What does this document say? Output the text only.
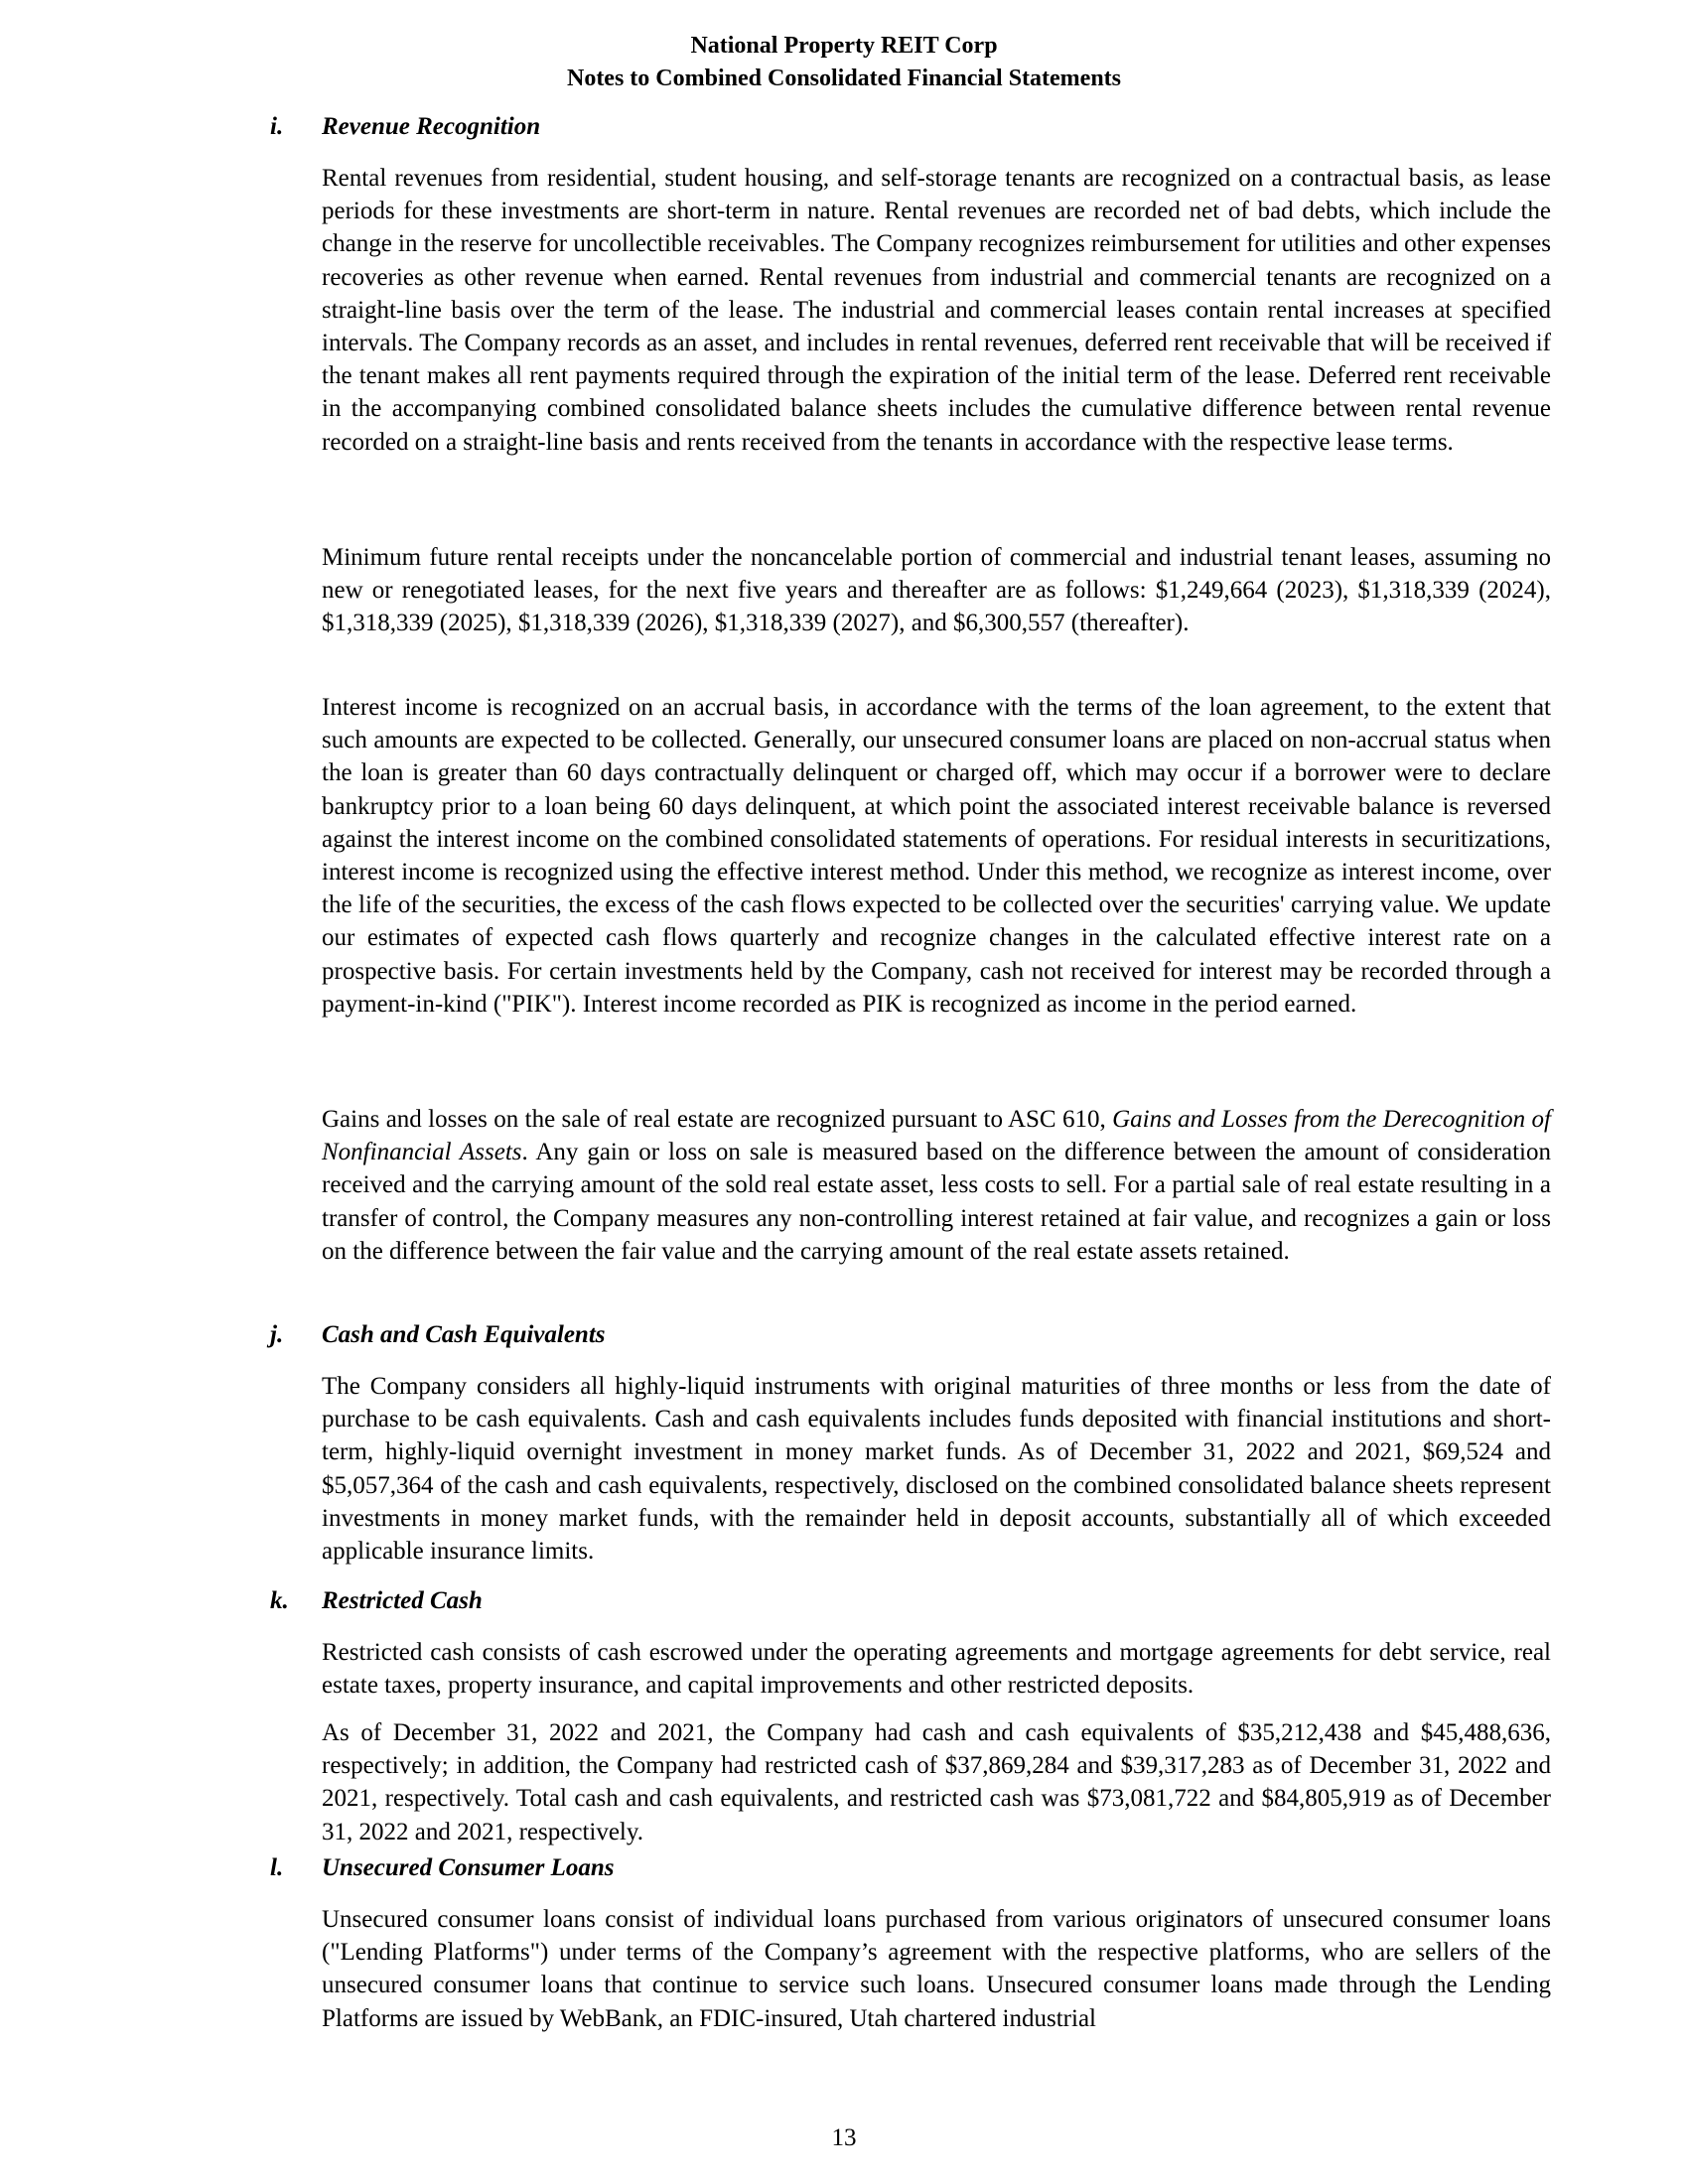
National Property REIT Corp
Notes to Combined Consolidated Financial Statements
i. Revenue Recognition
Rental revenues from residential, student housing, and self-storage tenants are recognized on a contractual basis, as lease periods for these investments are short-term in nature. Rental revenues are recorded net of bad debts, which include the change in the reserve for uncollectible receivables. The Company recognizes reimbursement for utilities and other expenses recoveries as other revenue when earned. Rental revenues from industrial and commercial tenants are recognized on a straight-line basis over the term of the lease. The industrial and commercial leases contain rental increases at specified intervals. The Company records as an asset, and includes in rental revenues, deferred rent receivable that will be received if the tenant makes all rent payments required through the expiration of the initial term of the lease. Deferred rent receivable in the accompanying combined consolidated balance sheets includes the cumulative difference between rental revenue recorded on a straight-line basis and rents received from the tenants in accordance with the respective lease terms.
Minimum future rental receipts under the noncancelable portion of commercial and industrial tenant leases, assuming no new or renegotiated leases, for the next five years and thereafter are as follows: $1,249,664 (2023), $1,318,339 (2024), $1,318,339 (2025), $1,318,339 (2026), $1,318,339 (2027), and $6,300,557 (thereafter).
Interest income is recognized on an accrual basis, in accordance with the terms of the loan agreement, to the extent that such amounts are expected to be collected. Generally, our unsecured consumer loans are placed on non-accrual status when the loan is greater than 60 days contractually delinquent or charged off, which may occur if a borrower were to declare bankruptcy prior to a loan being 60 days delinquent, at which point the associated interest receivable balance is reversed against the interest income on the combined consolidated statements of operations. For residual interests in securitizations, interest income is recognized using the effective interest method. Under this method, we recognize as interest income, over the life of the securities, the excess of the cash flows expected to be collected over the securities' carrying value. We update our estimates of expected cash flows quarterly and recognize changes in the calculated effective interest rate on a prospective basis. For certain investments held by the Company, cash not received for interest may be recorded through a payment-in-kind ("PIK"). Interest income recorded as PIK is recognized as income in the period earned.
Gains and losses on the sale of real estate are recognized pursuant to ASC 610, Gains and Losses from the Derecognition of Nonfinancial Assets. Any gain or loss on sale is measured based on the difference between the amount of consideration received and the carrying amount of the sold real estate asset, less costs to sell. For a partial sale of real estate resulting in a transfer of control, the Company measures any non-controlling interest retained at fair value, and recognizes a gain or loss on the difference between the fair value and the carrying amount of the real estate assets retained.
j. Cash and Cash Equivalents
The Company considers all highly-liquid instruments with original maturities of three months or less from the date of purchase to be cash equivalents. Cash and cash equivalents includes funds deposited with financial institutions and short-term, highly-liquid overnight investment in money market funds. As of December 31, 2022 and 2021, $69,524 and $5,057,364 of the cash and cash equivalents, respectively, disclosed on the combined consolidated balance sheets represent investments in money market funds, with the remainder held in deposit accounts, substantially all of which exceeded applicable insurance limits.
k. Restricted Cash
Restricted cash consists of cash escrowed under the operating agreements and mortgage agreements for debt service, real estate taxes, property insurance, and capital improvements and other restricted deposits.
As of December 31, 2022 and 2021, the Company had cash and cash equivalents of $35,212,438 and $45,488,636, respectively; in addition, the Company had restricted cash of $37,869,284 and $39,317,283 as of December 31, 2022 and 2021, respectively. Total cash and cash equivalents, and restricted cash was $73,081,722 and $84,805,919 as of December 31, 2022 and 2021, respectively.
l. Unsecured Consumer Loans
Unsecured consumer loans consist of individual loans purchased from various originators of unsecured consumer loans ("Lending Platforms") under terms of the Company’s agreement with the respective platforms, who are sellers of the unsecured consumer loans that continue to service such loans. Unsecured consumer loans made through the Lending Platforms are issued by WebBank, an FDIC-insured, Utah chartered industrial
13
